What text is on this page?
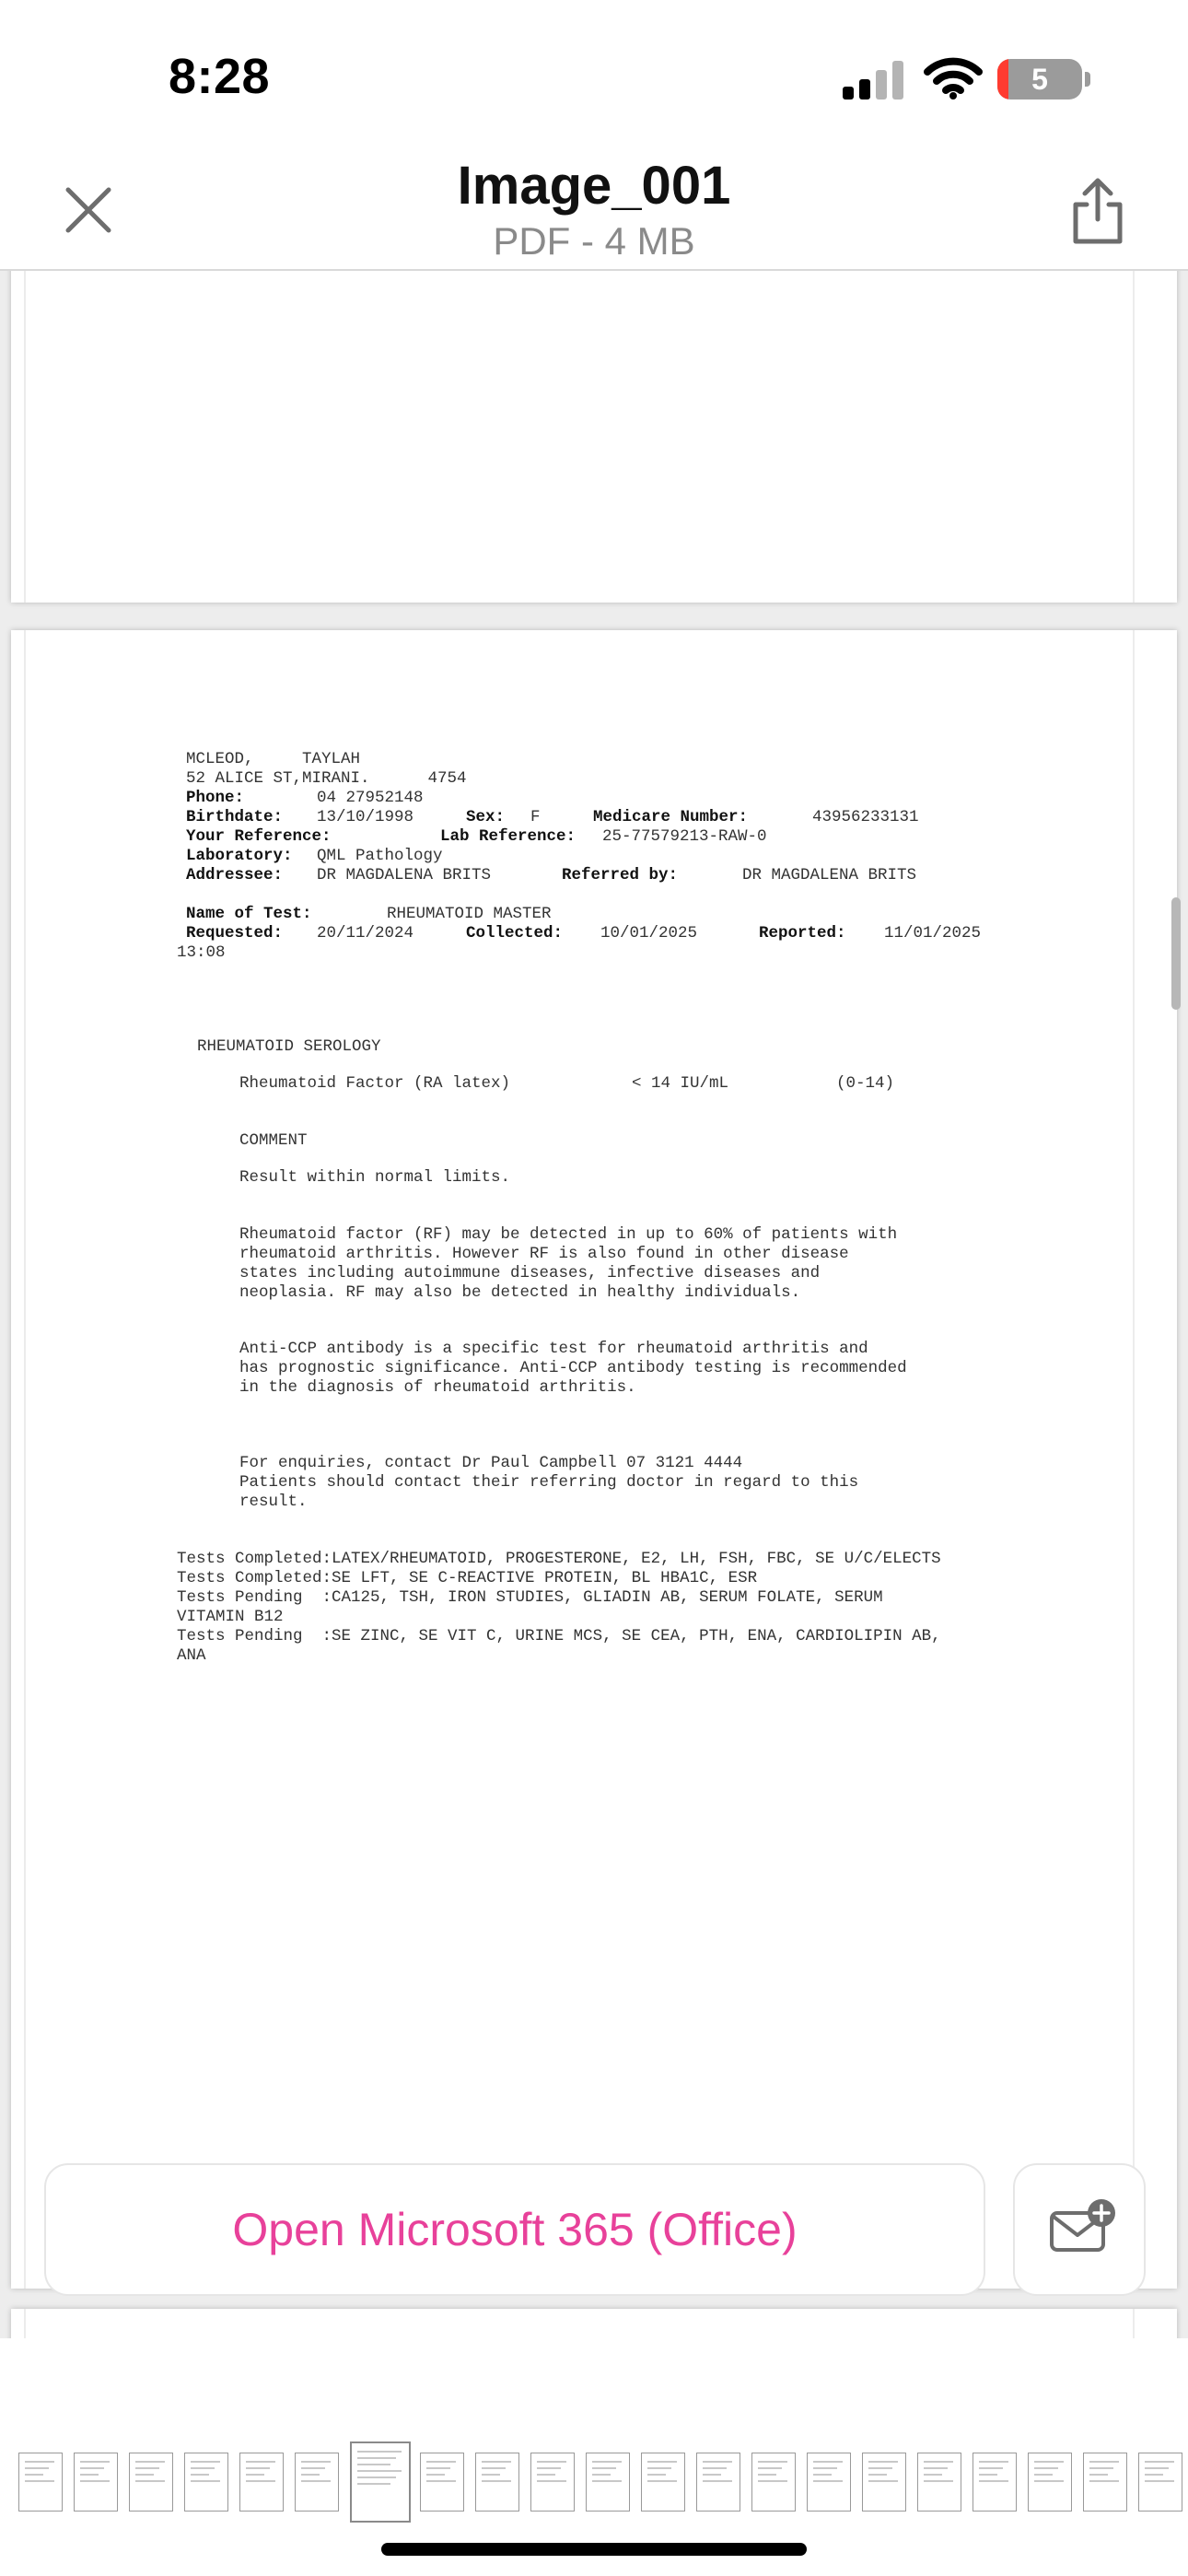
8:28	5
Image_001
PDF - 4 MB
MCLEOD,     TAYLAH
52 ALICE ST,MIRANI.      4754
Phone:	04 27952148
Birthdate: 13/10/1998	Sex: F	Medicare Number:	43956233131
Your Reference:	Lab Reference: 25-77579213-RAW-0
Laboratory: QML Pathology
Addressee: DR MAGDALENA BRITS	Referred by:	DR MAGDALENA BRITS
Name of Test:	RHEUMATOID MASTER
Requested: 20/11/2024	Collected: 10/01/2025	Reported: 11/01/2025
13:08
RHEUMATOID SEROLOGY
Rheumatoid Factor (RA latex)	< 14 IU/mL	(0-14)
COMMENT
Result within normal limits.
Rheumatoid factor (RF) may be detected in up to 60% of patients with
rheumatoid arthritis. However RF is also found in other disease
states including autoimmune diseases, infective diseases and
neoplasia. RF may also be detected in healthy individuals.
Anti-CCP antibody is a specific test for rheumatoid arthritis and
has prognostic significance. Anti-CCP antibody testing is recommended
in the diagnosis of rheumatoid arthritis.
For enquiries, contact Dr Paul Campbell 07 3121 4444
Patients should contact their referring doctor in regard to this
result.
Tests Completed:LATEX/RHEUMATOID, PROGESTERONE, E2, LH, FSH, FBC, SE U/C/ELECTS
Tests Completed:SE LFT, SE C-REACTIVE PROTEIN, BL HBA1C, ESR
Tests Pending  :CA125, TSH, IRON STUDIES, GLIADIN AB, SERUM FOLATE, SERUM
VITAMIN B12
Tests Pending  :SE ZINC, SE VIT C, URINE MCS, SE CEA, PTH, ENA, CARDIOLIPIN AB,
ANA
Open Microsoft 365 (Office)
